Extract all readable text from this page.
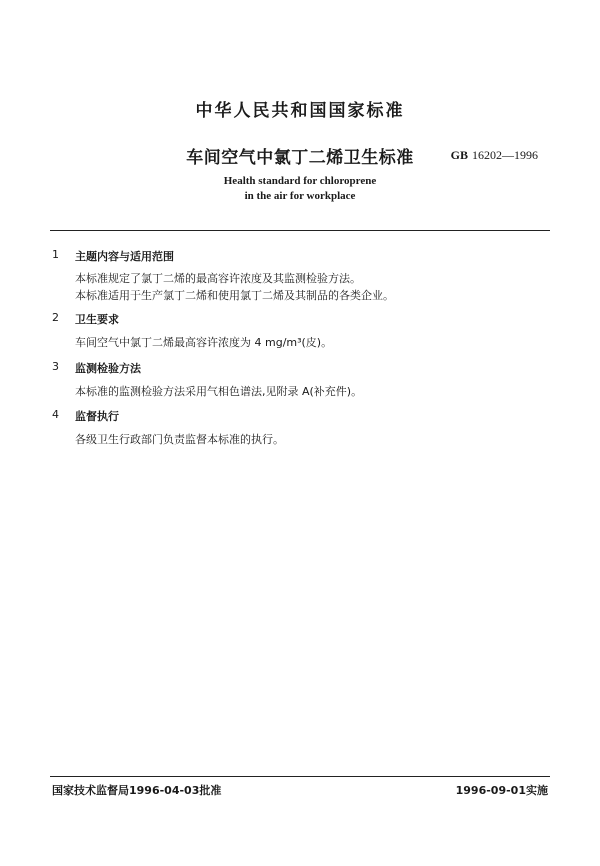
中华人民共和国国家标准
车间空气中氯丁二烯卫生标准	GB 16202—1996
Health standard for chloroprene
in the air for workplace
1 主题内容与适用范围
本标准规定了氯丁二烯的最高容许浓度及其监测检验方法。
本标准适用于生产氯丁二烯和使用氯丁二烯及其制品的各类企业。
2 卫生要求
车间空气中氯丁二烯最高容许浓度为 4 mg/m³(皮)。
3 监测检验方法
本标准的监测检验方法采用气相色谱法,见附录 A(补充件)。
4 监督执行
各级卫生行政部门负责监督本标准的执行。
国家技术监督局1996-04-03批准	1996-09-01实施
